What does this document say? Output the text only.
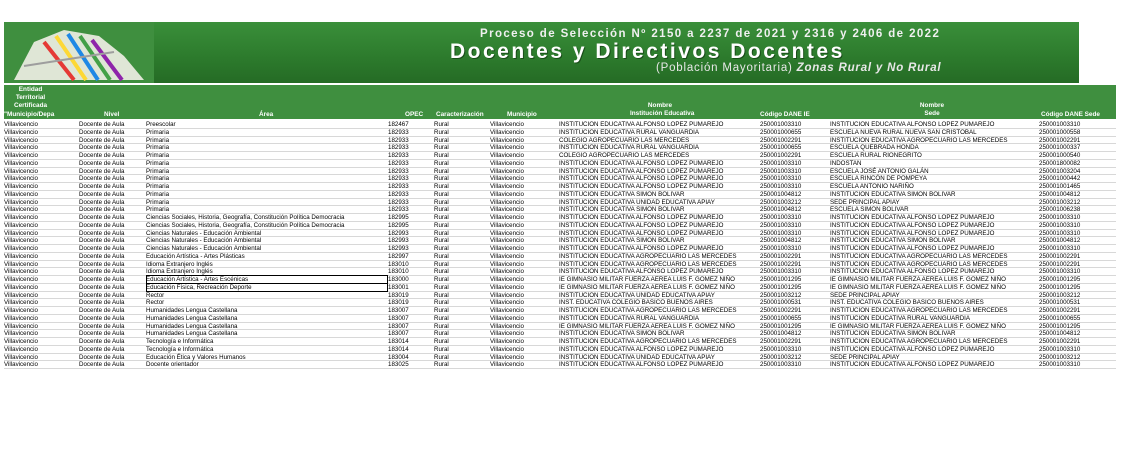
Proceso de Selección Nº 2150 a 2237 de 2021 y 2316 y 2406 de 2022
Docentes y Directivos Docentes
(Población Mayoritaria) Zonas Rural y No Rural
Entidad
Territorial
Certificada
"Municipio/Depa	Nivel	Área	OPEC Caracterización	Municipio
Nombre
Institución Educativa	Código DANE IE
Nombre
Sede	Código DANE Sede
Villavicencio	Docente de Aula	Preescolar	182467	Rural	Villavicencio	INSTITUCION EDUCATIVA ALFONSO LOPEZ PUMAREJO	250001003310	INSTITUCION EDUCATIVA ALFONSO LOPEZ PUMAREJO	250001003310
Villavicencio	Docente de Aula	Primaria	182933	Rural	Villavicencio	INSTITUCION EDUCATIVA RURAL VANGUARDIA	250001000655	ESCUELA NUEVA RURAL NUEVA SAN CRISTOBAL	250001000558
Villavicencio	Docente de Aula	Primaria	182933	Rural	Villavicencio	COLEGIO AGROPECUARIO LAS MERCEDES	250001002291	INSTITUCION EDUCATIVA AGROPECUARIO LAS MERCEDES	250001002291
Villavicencio	Docente de Aula	Primaria	182933	Rural	Villavicencio	INSTITUCION EDUCATIVA RURAL VANGUARDIA	250001000655	ESCUELA QUEBRADA HONDA	250001000337
Villavicencio	Docente de Aula	Primaria	182933	Rural	Villavicencio	COLEGIO AGROPECUARIO LAS MERCEDES	250001002291	ESCUELA RURAL RIONEGRITO	250001000540
Villavicencio	Docente de Aula	Primaria	182933	Rural	Villavicencio	INSTITUCION EDUCATIVA ALFONSO LOPEZ PUMAREJO	250001003310	INDOSTAN	250001800082
Villavicencio	Docente de Aula	Primaria	182933	Rural	Villavicencio	INSTITUCION EDUCATIVA ALFONSO LOPEZ PUMAREJO	250001003310	ESCUELA JOSÉ ANTONIO GALÁN	250001003204
Villavicencio	Docente de Aula	Primaria	182933	Rural	Villavicencio	INSTITUCION EDUCATIVA ALFONSO LOPEZ PUMAREJO	250001003310	ESCUELA RINCÓN DE POMPEYA	250001000442
Villavicencio	Docente de Aula	Primaria	182933	Rural	Villavicencio	INSTITUCION EDUCATIVA ALFONSO LOPEZ PUMAREJO	250001003310	ESCUELA ANTONIO NARIÑO	250001001465
Villavicencio	Docente de Aula	Primaria	182933	Rural	Villavicencio	INSTITUCION EDUCATIVA SIMON BOLIVAR	250001004812	INSTITUCION EDUCATIVA SIMON BOLIVAR	250001004812
Villavicencio	Docente de Aula	Primaria	182933	Rural	Villavicencio	INSTITUCION EDUCATIVA UNIDAD EDUCATIVA APIAY	250001003212	SEDE PRINCIPAL APIAY	250001003212
Villavicencio	Docente de Aula	Primaria	182933	Rural	Villavicencio	INSTITUCION EDUCATIVA SIMON BOLIVAR	250001004812	ESCUELA SIMON BOLIVAR	250001006238
Villavicencio	Docente de Aula	Ciencias Sociales, Historia, Geografía, Constitución Política Democracia	182995	Rural	Villavicencio	INSTITUCION EDUCATIVA ALFONSO LOPEZ PUMAREJO	250001003310	INSTITUCION EDUCATIVA ALFONSO LOPEZ PUMAREJO	250001003310
Villavicencio	Docente de Aula	Ciencias Sociales, Historia, Geografía, Constitución Política Democracia	182995	Rural	Villavicencio	INSTITUCION EDUCATIVA ALFONSO LOPEZ PUMAREJO	250001003310	INSTITUCION EDUCATIVA ALFONSO LOPEZ PUMAREJO	250001003310
Villavicencio	Docente de Aula	Ciencias Naturales - Educación Ambiental	182993	Rural	Villavicencio	INSTITUCION EDUCATIVA ALFONSO LOPEZ PUMAREJO	250001003310	INSTITUCION EDUCATIVA ALFONSO LOPEZ PUMAREJO	250001003310
Villavicencio	Docente de Aula	Ciencias Naturales - Educación Ambiental	182993	Rural	Villavicencio	INSTITUCION EDUCATIVA SIMON BOLIVAR	250001004812	INSTITUCION EDUCATIVA SIMON BOLIVAR	250001004812
Villavicencio	Docente de Aula	Ciencias Naturales - Educación Ambiental	182993	Rural	Villavicencio	INSTITUCION EDUCATIVA ALFONSO LOPEZ PUMAREJO	250001003310	INSTITUCION EDUCATIVA ALFONSO LOPEZ PUMAREJO	250001003310
Villavicencio	Docente de Aula	Educación Artística - Artes Plásticas	182997	Rural	Villavicencio	INSTITUCION EDUCATIVA AGROPECUARIO LAS MERCEDES	250001002291	INSTITUCION EDUCATIVA AGROPECUARIO LAS MERCEDES	250001002291
Villavicencio	Docente de Aula	Idioma Extranjero Inglés	183010	Rural	Villavicencio	INSTITUCION EDUCATIVA AGROPECUARIO LAS MERCEDES	250001002291	INSTITUCION EDUCATIVA AGROPECUARIO LAS MERCEDES	250001002291
Villavicencio	Docente de Aula	Idioma Extranjero Inglés	183010	Rural	Villavicencio	INSTITUCION EDUCATIVA ALFONSO LOPEZ PUMAREJO	250001003310	INSTITUCION EDUCATIVA ALFONSO LOPEZ PUMAREJO	250001003310
Villavicencio	Docente de Aula	Educación Artística - Artes Escénicas	183000	Rural	Villavicencio	IE GIMNASIO MILITAR FUERZA AEREA LUIS F. GOMEZ NIÑO	250001001295	IE GIMNASIO MILITAR FUERZA AEREA LUIS F. GOMEZ NIÑO	250001001295
Villavicencio	Docente de Aula	Educación Física, Recreación Deporte	183001	Rural	Villavicencio	IE GIMNASIO MILITAR FUERZA AEREA LUIS F. GOMEZ NIÑO	250001001295	IE GIMNASIO MILITAR FUERZA AEREA LUIS F. GOMEZ NIÑO	250001001295
Villavicencio	Docente de Aula	Rector	183019	Rural	Villavicencio	INSTITUCION EDUCATIVA UNIDAD EDUCATIVA APIAY	250001003212	SEDE PRINCIPAL APIAY	250001003212
Villavicencio	Docente de Aula	Rector	183019	Rural	Villavicencio	INST. EDUCATIVA COLEGIO BASICO BUENOS AIRES	250001000531	INST. EDUCATIVA COLEGIO BASICO BUENOS AIRES	250001000531
Villavicencio	Docente de Aula	Humanidades Lengua Castellana	183007	Rural	Villavicencio	INSTITUCION EDUCATIVA AGROPECUARIO LAS MERCEDES	250001002291	INSTITUCION EDUCATIVA AGROPECUARIO LAS MERCEDES	250001002291
Villavicencio	Docente de Aula	Humanidades Lengua Castellana	183007	Rural	Villavicencio	INSTITUCION EDUCATIVA RURAL VANGUARDIA	250001000655	INSTITUCION EDUCATIVA RURAL VANGUARDIA	250001000655
Villavicencio	Docente de Aula	Humanidades Lengua Castellana	183007	Rural	Villavicencio	IE GIMNASIO MILITAR FUERZA AEREA LUIS F. GOMEZ NIÑO	250001001295	IE GIMNASIO MILITAR FUERZA AEREA LUIS F. GOMEZ NIÑO	250001001295
Villavicencio	Docente de Aula	Humanidades Lengua Castellana	183007	Rural	Villavicencio	INSTITUCION EDUCATIVA SIMON BOLIVAR	250001004812	INSTITUCION EDUCATIVA SIMON BOLIVAR	250001004812
Villavicencio	Docente de Aula	Tecnología e Informática	183014	Rural	Villavicencio	INSTITUCION EDUCATIVA AGROPECUARIO LAS MERCEDES	250001002291	INSTITUCION EDUCATIVA AGROPECUARIO LAS MERCEDES	250001002291
Villavicencio	Docente de Aula	Tecnología e Informática	183014	Rural	Villavicencio	INSTITUCION EDUCATIVA ALFONSO LOPEZ PUMAREJO	250001003310	INSTITUCION EDUCATIVA ALFONSO LOPEZ PUMAREJO	250001003310
Villavicencio	Docente de Aula	Educación Ética y Valores Humanos	183004	Rural	Villavicencio	INSTITUCION EDUCATIVA UNIDAD EDUCATIVA APIAY	250001003212	SEDE PRINCIPAL APIAY	250001003212
Villavicencio	Docente de Aula	Docente orientador	183025	Rural	Villavicencio	INSTITUCION EDUCATIVA ALFONSO LOPEZ PUMAREJO	250001003310	INSTITUCION EDUCATIVA ALFONSO LOPEZ PUMAREJO	250001003310
